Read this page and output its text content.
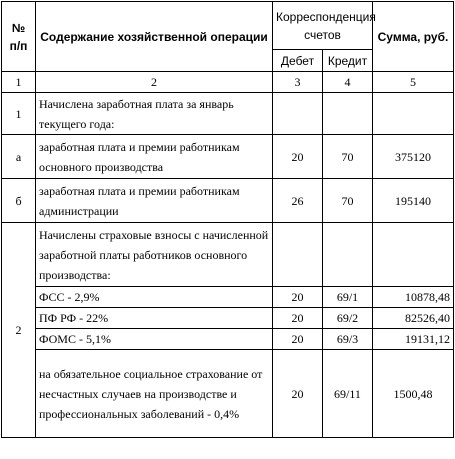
№
п/п	Содержание хозяйственной операции	Корреспонденция счетов		Сумма, руб.
		Дебет	Кредит	
1	2	3	4	5
1	Начислена заработная плата за январь текущего года:			
а	заработная плата и премии работникам основного производства	20	70	375120
б	заработная плата и премии работникам администрации	26	70	195140
2	Начислены страховые взносы с начисленной заработной платы работников основного производства:			
	ФСС - 2,9%	20	69/1	10878,48
	ПФ РФ - 22%	20	69/2	82526,40
	ФОМС - 5,1%	20	69/3	19131,12
	на обязательное социальное страхование от несчастных случаев на производстве и профессиональных заболеваний - 0,4%	20	69/11	1500,48
